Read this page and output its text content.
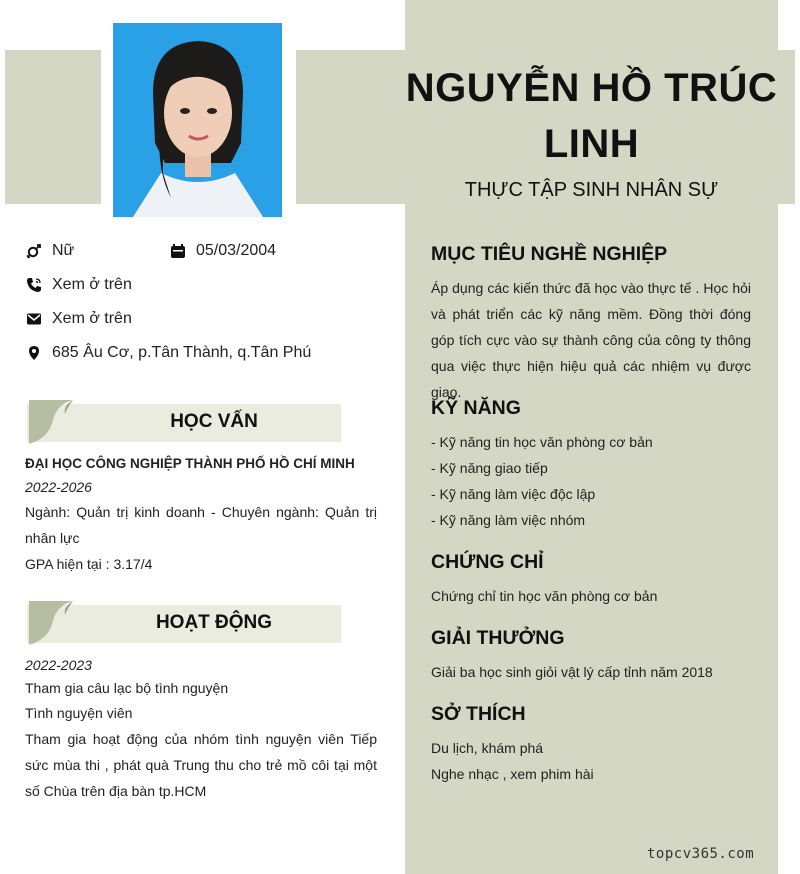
NGUYỄN HỒ TRÚC
LINH
THỰC TẬP SINH NHÂN SỰ
Nữ	05/03/2004
Xem ở trên
Xem ở trên
685 Âu Cơ, p.Tân Thành, q.Tân Phú
HỌC VẤN
ĐẠI HỌC CÔNG NGHIỆP THÀNH PHỐ HỒ CHÍ MINH
2022-2026
Ngành: Quản trị kinh doanh - Chuyên ngành: Quản trị nhân lực
GPA hiện tại : 3.17/4
HOẠT ĐỘNG
2022-2023
Tham gia câu lạc bộ tình nguyện
Tình nguyện viên
Tham gia hoạt động của nhóm tình nguyện viên Tiếp sức mùa thi , phát quà Trung thu cho trẻ mồ côi tại một số Chùa trên địa bàn tp.HCM
MỤC TIÊU NGHỀ NGHIỆP
Áp dụng các kiến thức đã học vào thực tế . Học hỏi và phát triển các kỹ năng mềm. Đồng thời đóng góp tích cực vào sự thành công của công ty thông qua việc thực hiện hiệu quả các nhiệm vụ được giao.
KỸ NĂNG
- Kỹ năng tin học văn phòng cơ bản
- Kỹ năng giao tiếp
- Kỹ năng làm việc độc lập
- Kỹ năng làm việc nhóm
CHỨNG CHỈ
Chứng chỉ tin học văn phòng cơ bản
GIẢI THƯỞNG
Giải ba học sinh giỏi vật lý cấp tỉnh năm 2018
SỞ THÍCH
Du lịch, khám phá
Nghe nhạc , xem phim hài
topcv365.com
